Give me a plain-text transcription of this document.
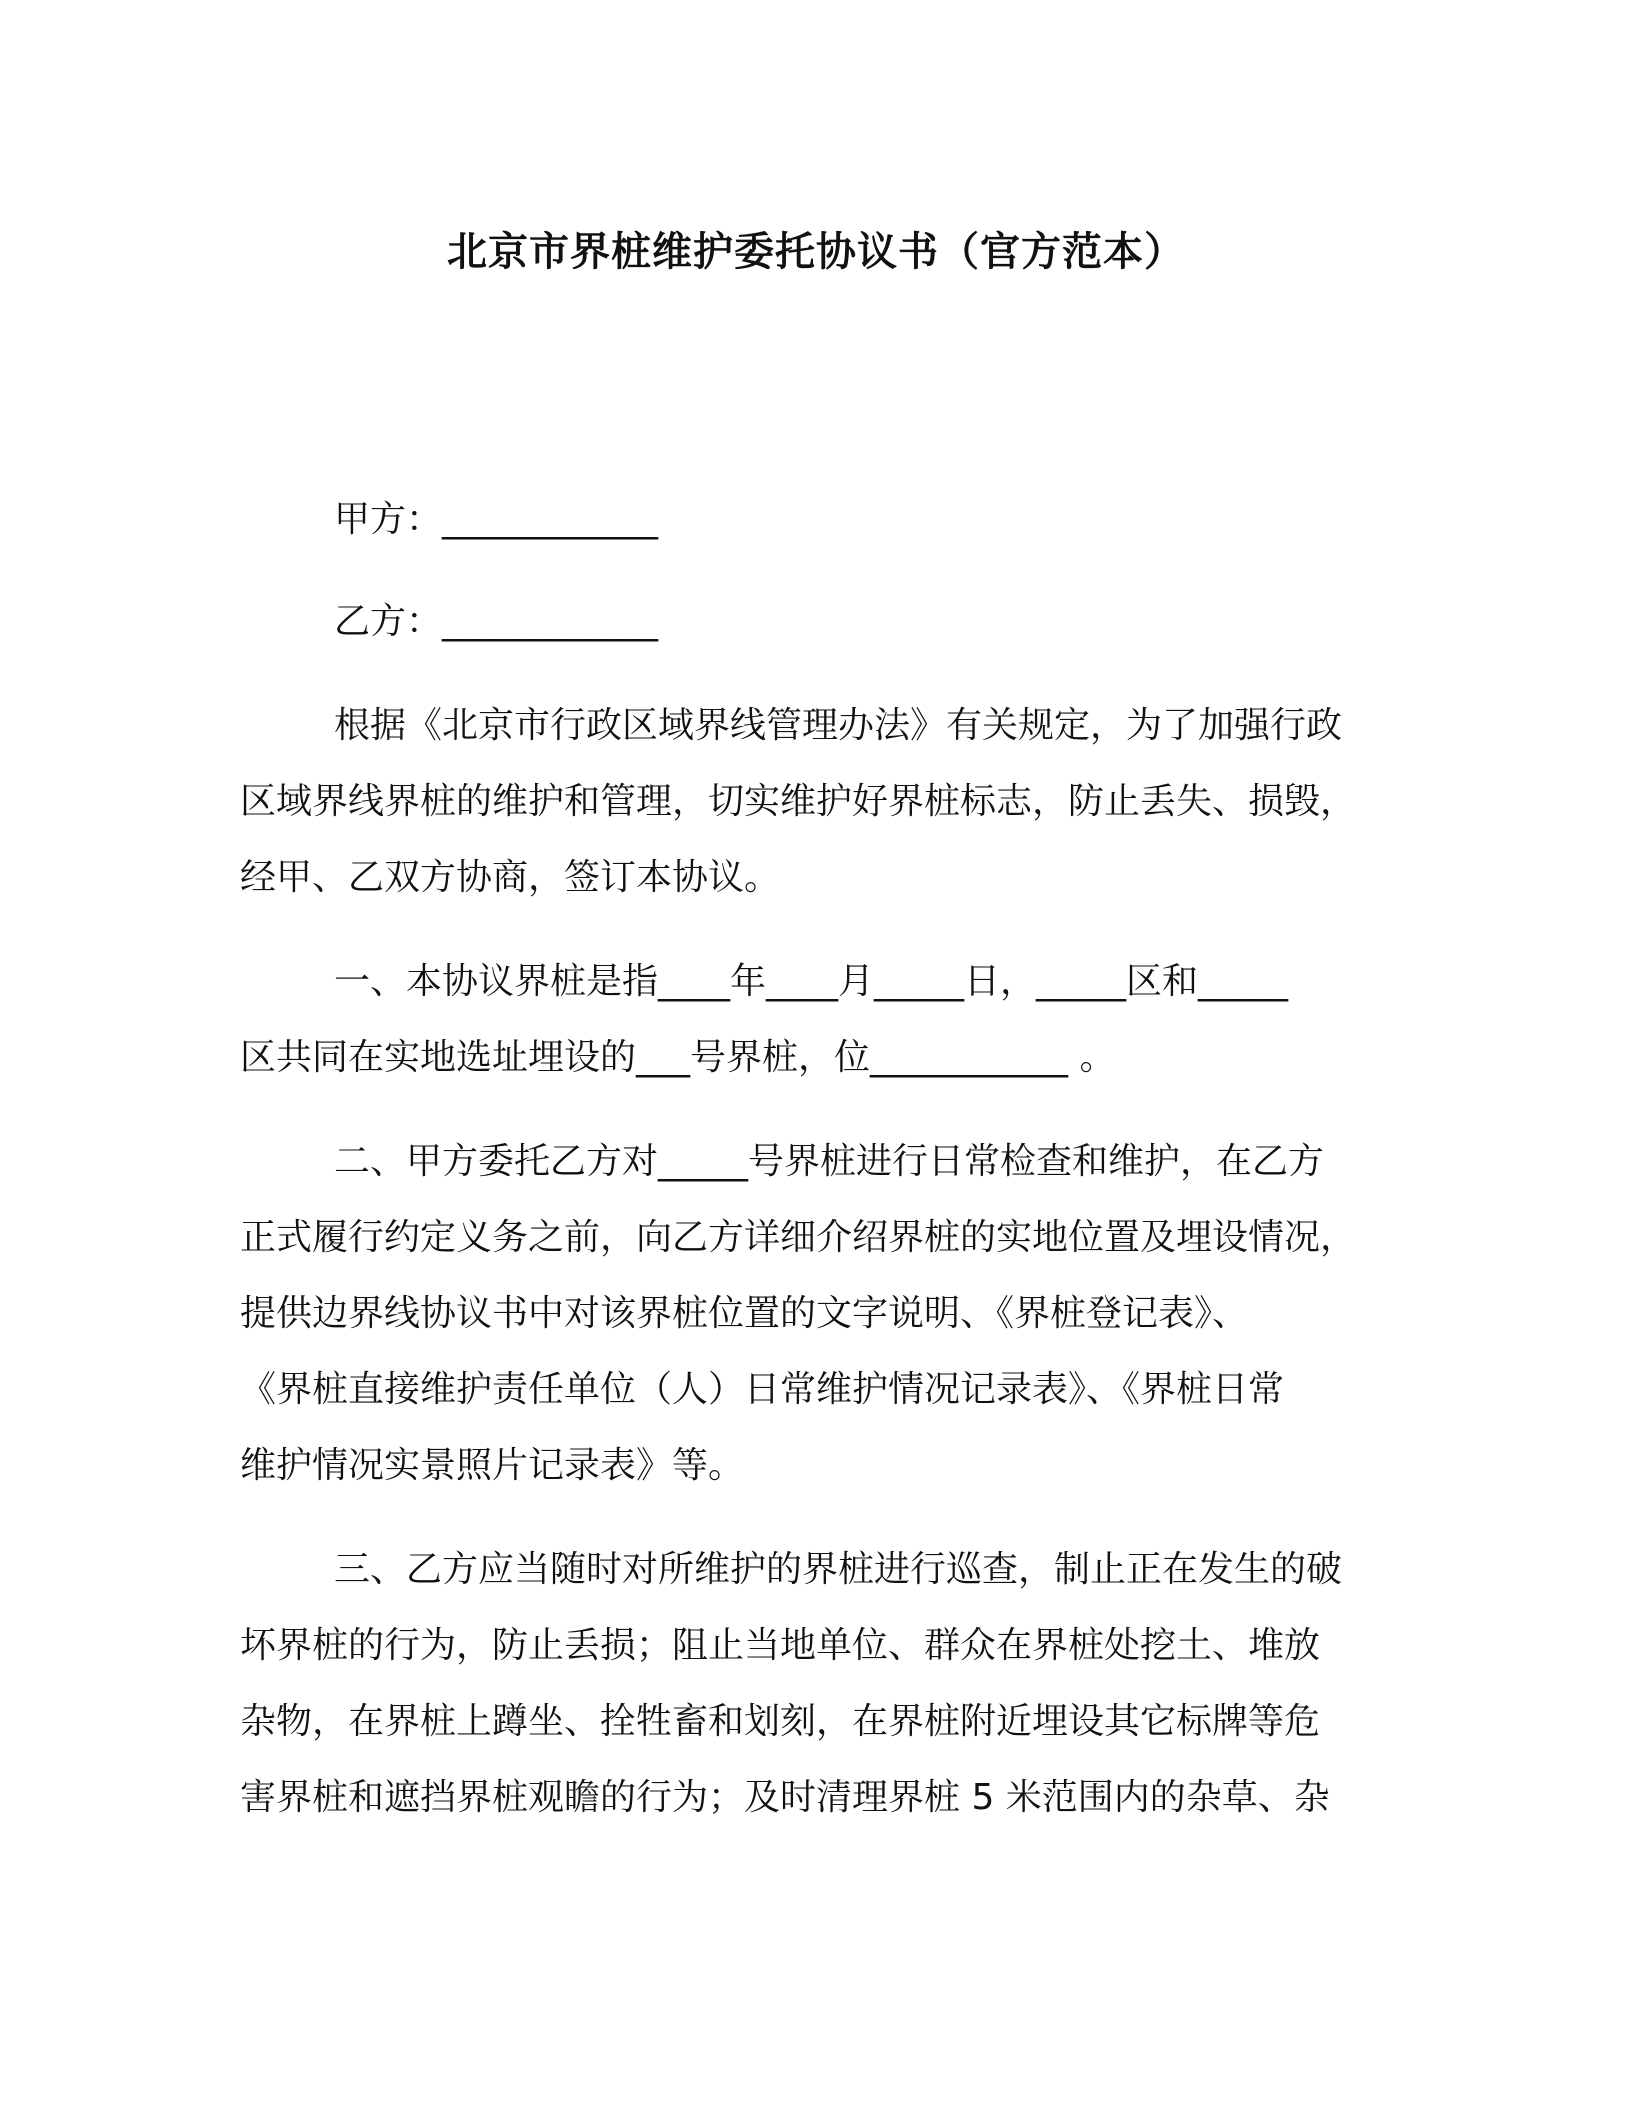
北京市界桩维护委托协议书（官方范本）

甲方：____________

乙方：____________

根据《北京市行政区域界线管理办法》有关规定，为了加强行政

区域界线界桩的维护和管理，切实维护好界桩标志，防止丢失、损毁，

经甲、乙双方协商，签订本协议。

一、本协议界桩是指____年____月_____日，_____区和_____

区共同在实地选址埋设的___号界桩，位___________ 。

二、甲方委托乙方对_____号界桩进行日常检查和维护，在乙方

正式履行约定义务之前，向乙方详细介绍界桩的实地位置及埋设情况，

提供边界线协议书中对该界桩位置的文字说明、《界桩登记表》、

《界桩直接维护责任单位（人）日常维护情况记录表》、《界桩日常

维护情况实景照片记录表》等。

三、乙方应当随时对所维护的界桩进行巡查，制止正在发生的破

坏界桩的行为，防止丢损；阻止当地单位、群众在界桩处挖土、堆放

杂物，在界桩上蹲坐、拴牲畜和划刻，在界桩附近埋设其它标牌等危

害界桩和遮挡界桩观瞻的行为；及时清理界桩 5 米范围内的杂草、杂
